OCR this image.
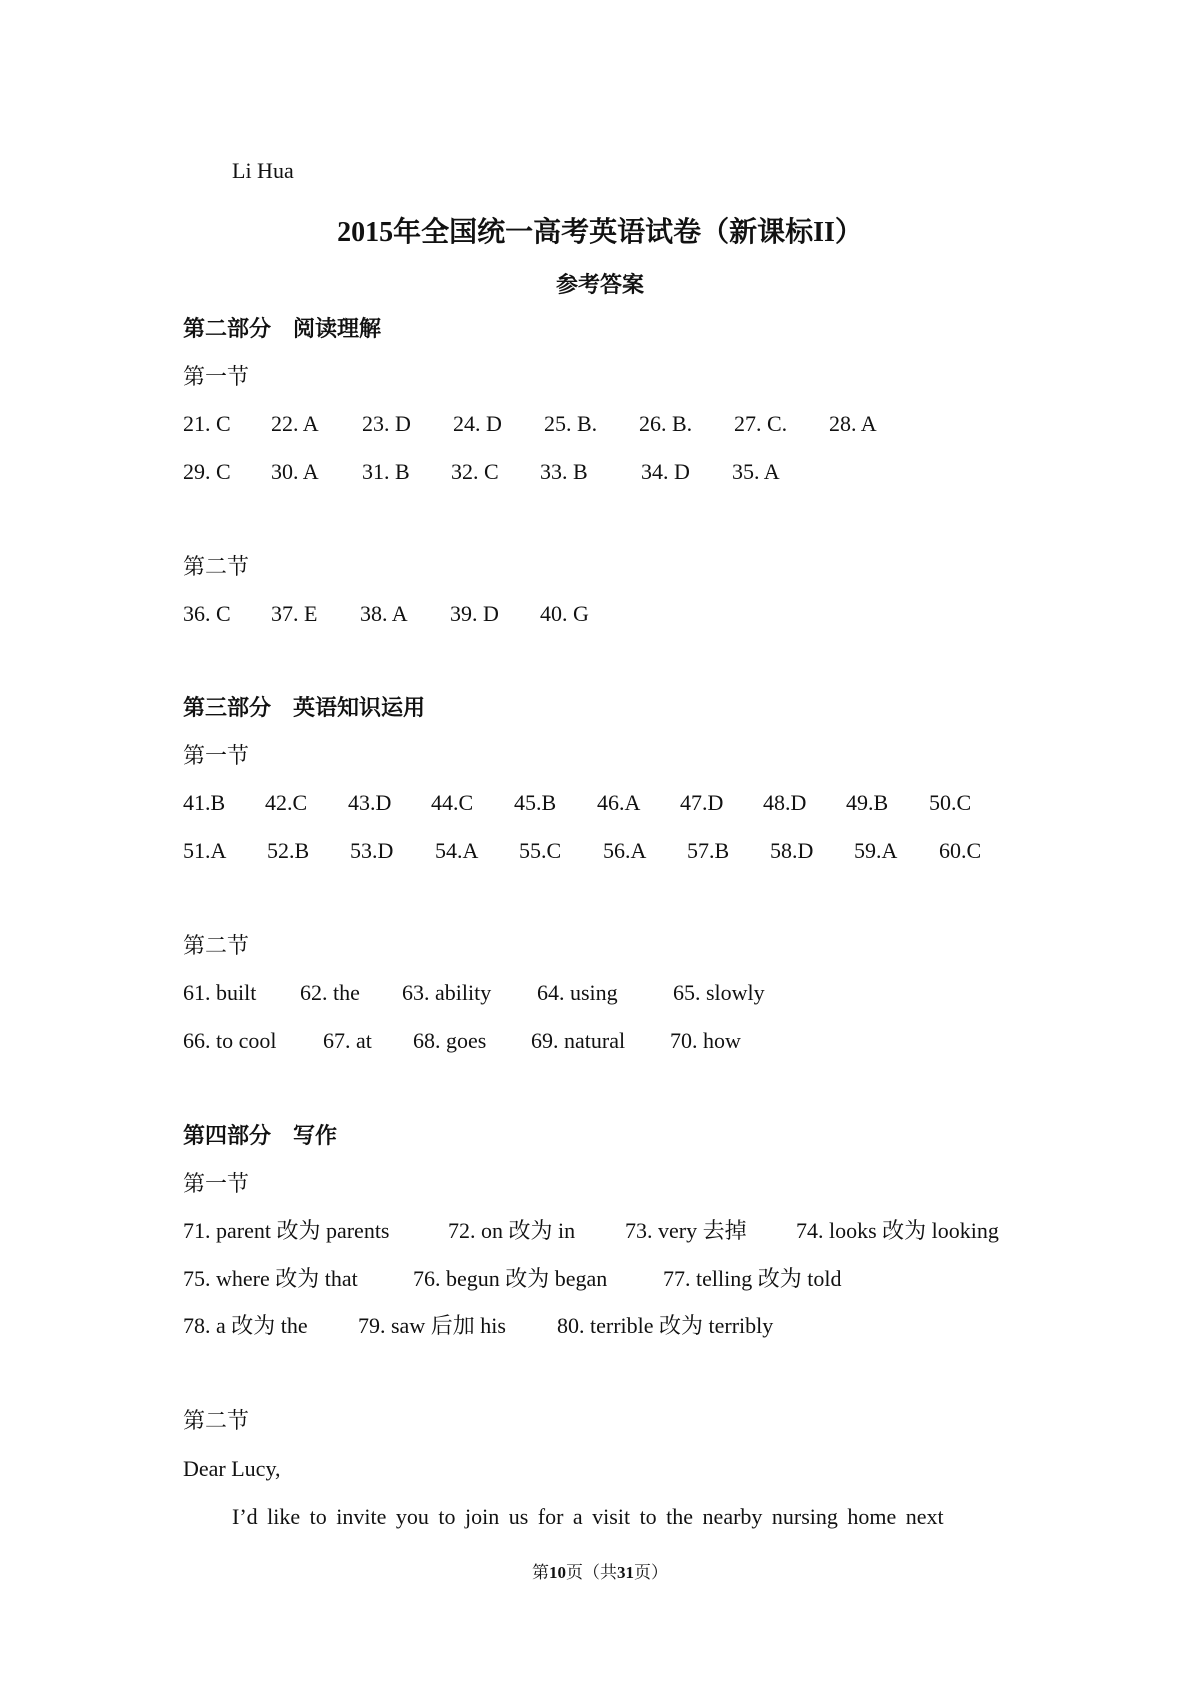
Li Hua
2015年全国统一高考英语试卷（新课标II）
参考答案
第二部分　阅读理解
第一节
21. C 22. A 23. D 24. D 25. B. 26. B. 27. C. 28. A
29. C 30. A 31. B 32. C 33. B 34. D 35. A
第二节
36. C 37. E 38. A 39. D 40. G
第三部分　英语知识运用
第一节
41.B 42.C 43.D 44.C 45.B 46.A 47.D 48.D 49.B 50.C
51.A 52.B 53.D 54.A 55.C 56.A 57.B 58.D 59.A 60.C
第二节
61. built 62. the 63. ability 64. using	65. slowly
66. to cool 67. at 68. goes 69. natural 70. how
第四部分　写作
第一节
71. parent 改为 parents	72. on 改为 in 73. very 去掉 74. looks 改为 looking
75. where 改为 that	76. begun 改为 began	77. telling 改为 told
78. a 改为 the 79. saw 后加 his 80. terrible 改为 terribly
第二节
Dear Lucy,
I’d like to invite you to join us for a visit to the nearby nursing home next
第10页（共31页）
